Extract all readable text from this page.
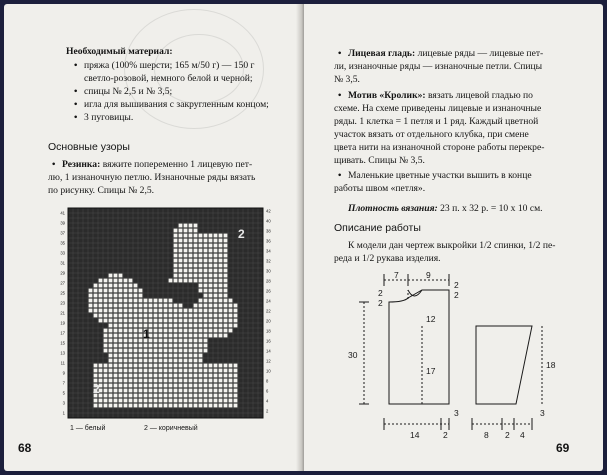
Необходимый материал:
• пряжа (100% шерсти; 165 м/50 г) — 150 г
светло-розовой, немного белой и черной;
• спицы № 2,5 и № 3,5;
• игла для вышивания с закругленным концом;
• 3 пуговицы.
Основные узоры
• Резинка: вяжите попеременно 1 лицевую пет-
лю, 1 изнаночную петлю. Изнаночные ряды вязать
по рисунку. Спицы № 2,5.
41
39
37
35
33
31
29
27
25
23
21
19
17
15
13
11
9
7
5
3
1
42
40
38
36
34
32
30
28
26
24
22
20
18
16
14
12
10
8
6
4
2
2
1
2
1 — белый	2 — коричневый
68
• Лицевая гладь: лицевые ряды — лицевые пет-
ли, изнаночные ряды — изнаночные петли. Спицы
№ 3,5.
• Мотив «Кролик»: вязать лицевой гладью по
схеме. На схеме приведены лицевые и изнаночные
ряды. 1 клетка = 1 петля и 1 ряд. Каждый цветной
участок вязать от отдельного клубка, при смене
цвета нити на изнаночной стороне работы перекре-
щивать. Спицы № 3,5.
• Маленькие цветные участки вышить в конце
работы швом «петля».
Плотность вязания: 23 п. х 32 р. = 10 х 10 см.
Описание работы
К модели дан чертеж выкройки 1/2 спинки, 1/2 пе-
реда и 1/2 рукава изделия.
7	9
2
2
2
2
30
12
17
3	3
14	2
18
8 2 4
69
